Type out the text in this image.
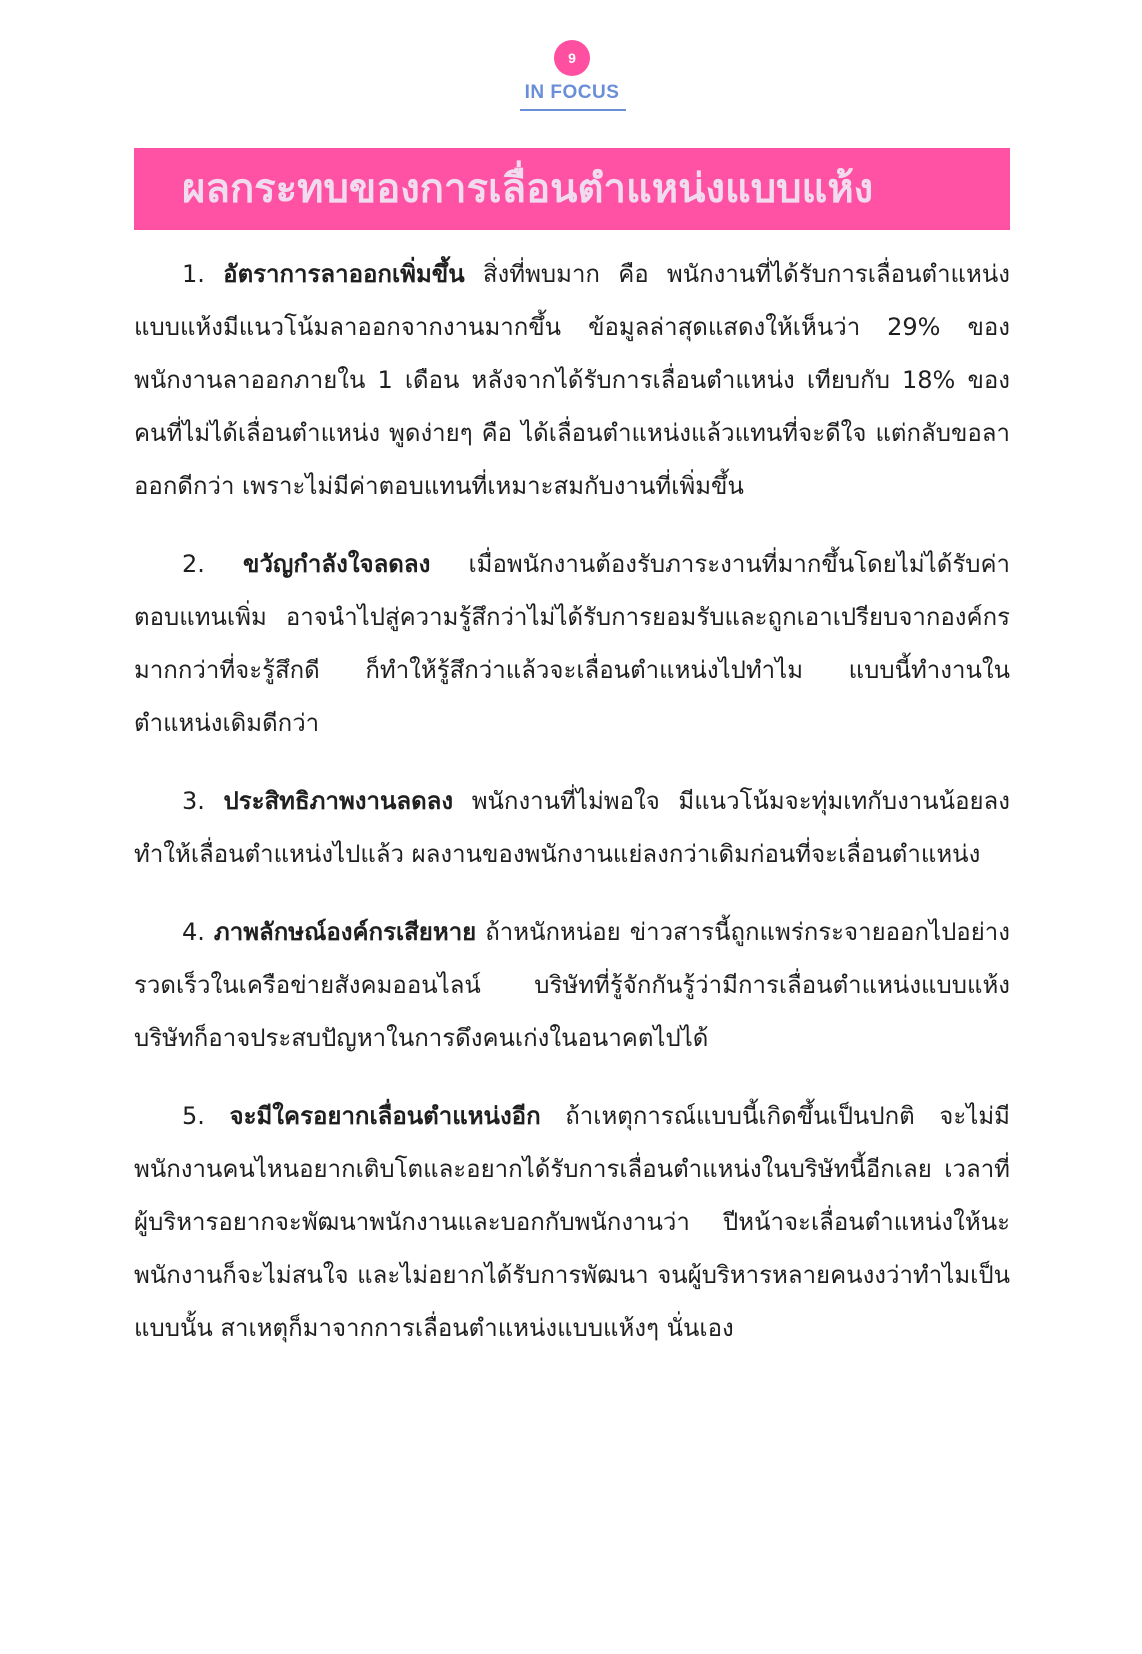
9
IN FOCUS
ผลกระทบของการเลื่อนตำแหน่งแบบแห้ง

1. อัตราการลาออกเพิ่มขึ้น สิ่งที่พบมาก คือ พนักงานที่ได้รับการเลื่อนตำแหน่งแบบแห้งมีแนวโน้มลาออกจากงานมากขึ้น ข้อมูลล่าสุดแสดงให้เห็นว่า 29% ของพนักงานลาออกภายใน 1 เดือน หลังจากได้รับการเลื่อนตำแหน่ง เทียบกับ 18% ของคนที่ไม่ได้เลื่อนตำแหน่ง พูดง่ายๆ คือ ได้เลื่อนตำแหน่งแล้วแทนที่จะดีใจ แต่กลับขอลาออกดีกว่า เพราะไม่มีค่าตอบแทนที่เหมาะสมกับงานที่เพิ่มขึ้น

2. ขวัญกำลังใจลดลง เมื่อพนักงานต้องรับภาระงานที่มากขึ้นโดยไม่ได้รับค่าตอบแทนเพิ่ม อาจนำไปสู่ความรู้สึกว่าไม่ได้รับการยอมรับและถูกเอาเปรียบจากองค์กรมากกว่าที่จะรู้สึกดี ก็ทำให้รู้สึกว่าแล้วจะเลื่อนตำแหน่งไปทำไม แบบนี้ทำงานในตำแหน่งเดิมดีกว่า

3. ประสิทธิภาพงานลดลง พนักงานที่ไม่พอใจ มีแนวโน้มจะทุ่มเทกับงานน้อยลง ทำให้เลื่อนตำแหน่งไปแล้ว ผลงานของพนักงานแย่ลงกว่าเดิมก่อนที่จะเลื่อนตำแหน่ง

4. ภาพลักษณ์องค์กรเสียหาย ถ้าหนักหน่อย ข่าวสารนี้ถูกแพร่กระจายออกไปอย่างรวดเร็วในเครือข่ายสังคมออนไลน์ บริษัทที่รู้จักกันรู้ว่ามีการเลื่อนตำแหน่งแบบแห้ง บริษัทก็อาจประสบปัญหาในการดึงคนเก่งในอนาคตไปได้

5. จะมีใครอยากเลื่อนตำแหน่งอีก ถ้าเหตุการณ์แบบนี้เกิดขึ้นเป็นปกติ จะไม่มีพนักงานคนไหนอยากเติบโตและอยากได้รับการเลื่อนตำแหน่งในบริษัทนี้อีกเลย เวลาที่ผู้บริหารอยากจะพัฒนาพนักงานและบอกกับพนักงานว่า ปีหน้าจะเลื่อนตำแหน่งให้นะ พนักงานก็จะไม่สนใจ และไม่อยากได้รับการพัฒนา จนผู้บริหารหลายคนงงว่าทำไมเป็นแบบนั้น สาเหตุก็มาจากการเลื่อนตำแหน่งแบบแห้งๆ นั่นเอง
